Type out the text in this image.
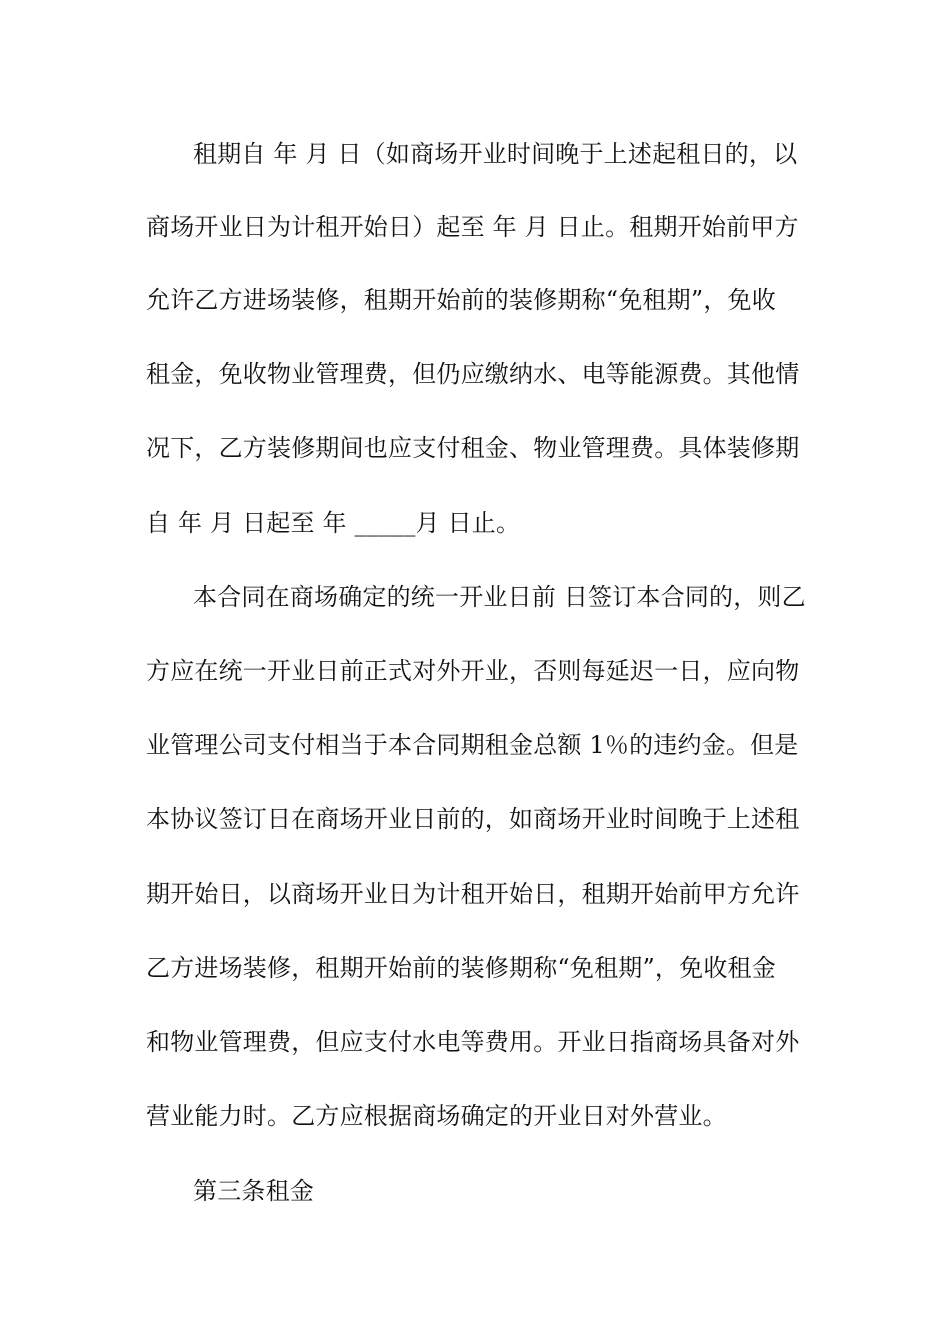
租期自 年 月 日（如商场开业时间晚于上述起租日的，以
商场开业日为计租开始日）起至 年 月 日止。租期开始前甲方
允许乙方进场装修，租期开始前的装修期称“免租期”，免收
租金，免收物业管理费，但仍应缴纳水、电等能源费。其他情
况下，乙方装修期间也应支付租金、物业管理费。具体装修期
自 年 月 日起至 年 _____月 日止。
本合同在商场确定的统一开业日前 日签订本合同的，则乙
方应在统一开业日前正式对外开业，否则每延迟一日，应向物
业管理公司支付相当于本合同期租金总额 1％的违约金。但是
本协议签订日在商场开业日前的，如商场开业时间晚于上述租
期开始日，以商场开业日为计租开始日，租期开始前甲方允许
乙方进场装修，租期开始前的装修期称“免租期”，免收租金
和物业管理费，但应支付水电等费用。开业日指商场具备对外
营业能力时。乙方应根据商场确定的开业日对外营业。
第三条租金
